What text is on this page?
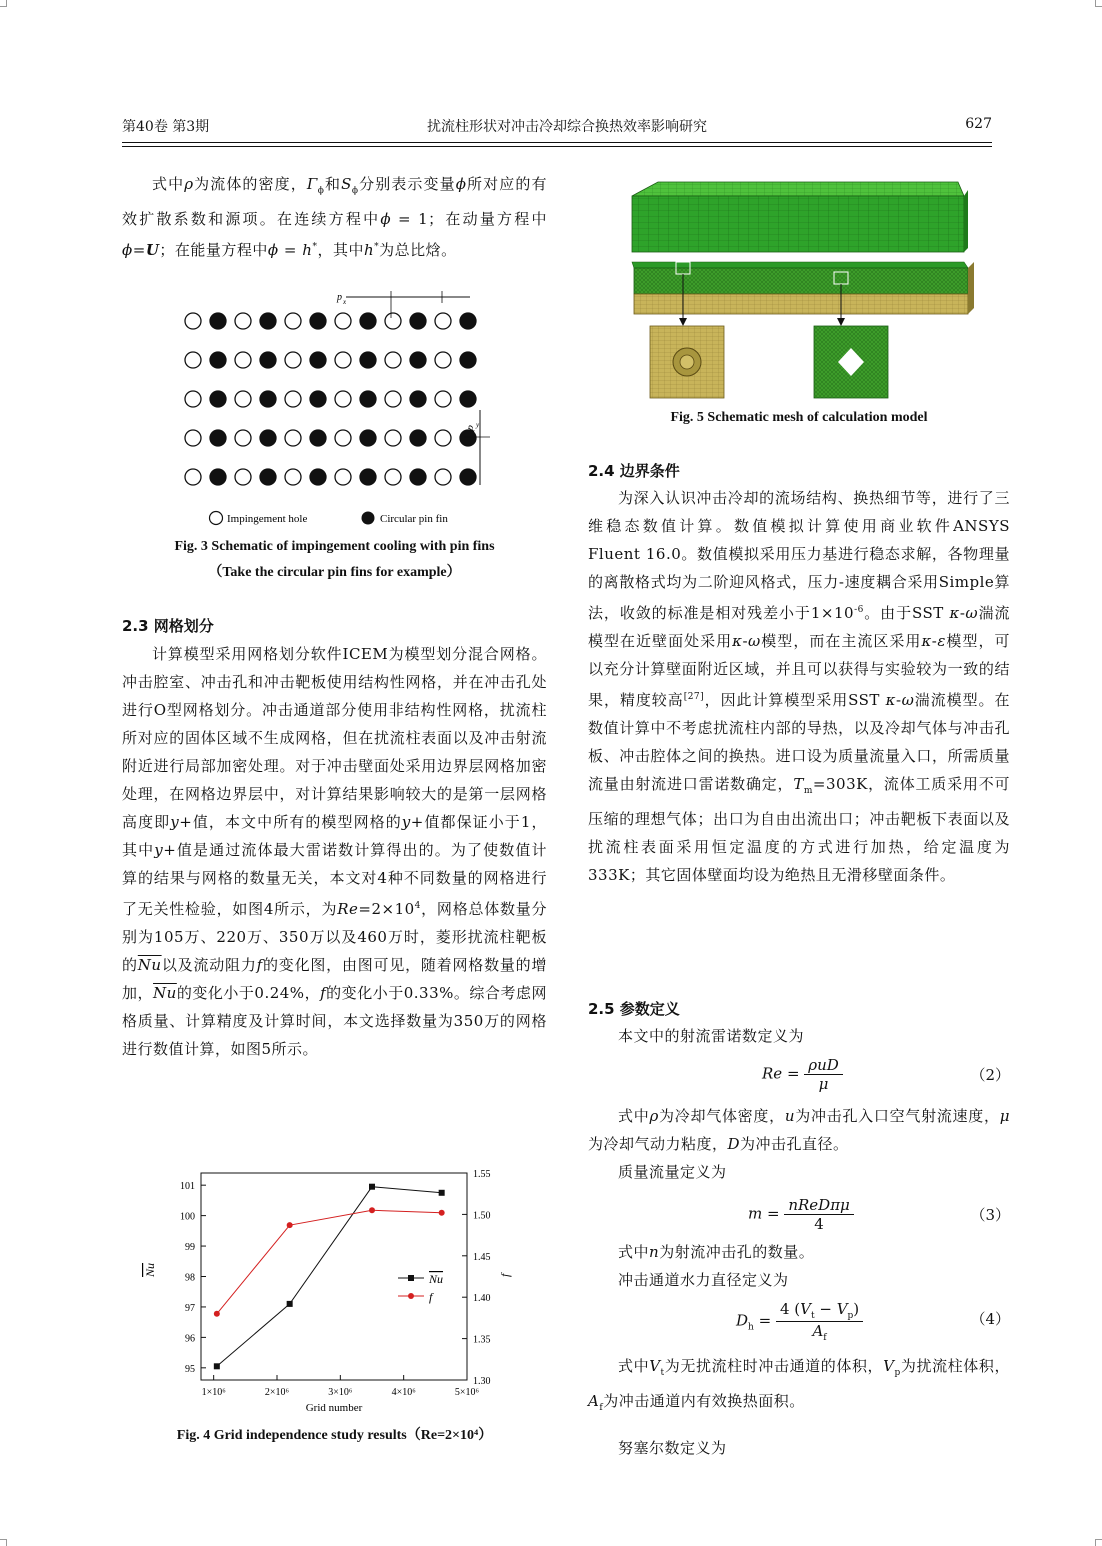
第40卷 第3期	扰流柱形状对冲击冷却综合换热效率影响研究	627

式中ρ为流体的密度，$\Gamma_\phi$和$S_\phi$分别表示变量ϕ所对应的有效扩散系数和源项。在连续方程中ϕ = 1；在动量方程中ϕ=U；在能量方程中ϕ = h*，其中h*为总比焓。

p x
p y
Impingement hole	Circular pin fin
Fig. 3 Schematic of impingement cooling with pin fins
（Take the circular pin fins for example）
2.3 网格划分

计算模型采用网格划分软件ICEM为模型划分混合网格。冲击腔室、冲击孔和冲击靶板使用结构性网格，并在冲击孔处进行O型网格划分。冲击通道部分使用非结构性网格，扰流柱所对应的固体区域不生成网格，但在扰流柱表面以及冲击射流附近进行局部加密处理。对于冲击壁面处采用边界层网格加密处理，在网格边界层中，对计算结果影响较大的是第一层网格高度即y+值，本文中所有的模型网格的y+值都保证小于1，其中y+值是通过流体最大雷诺数计算得出的。为了使数值计算的结果与网格的数量无关，本文对4种不同数量的网格进行了无关性检验，如图4所示，为$Re=2\times 10^4$，网格总体数量分别为105万、220万、350万以及460万时，菱形扰流柱靶板的$\overline{Nu}$以及流动阻力f的变化图，由图可见，随着网格数量的增加，$\overline{Nu}$的变化小于0.24%，f的变化小于0.33%。综合考虑网格质量、计算精度及计算时间，本文选择数量为350万的网格进行数值计算，如图5所示。

1×10⁶	2×10⁶	3×10⁶	4×10⁶	5×10⁶
95
96
97
98
99
100
101
1.30
1.35
1.40
1.45
1.50
1.55
Nu
f
Nu	f
Grid number
Fig. 4 Grid independence study results（Re=2×10⁴）
Fig. 5 Schematic mesh of calculation model
2.4 边界条件

为深入认识冲击冷却的流场结构、换热细节等，进行了三维稳态数值计算。数值模拟计算使用商业软件ANSYS Fluent 16.0。数值模拟采用压力基进行稳态求解，各物理量的离散格式均为二阶迎风格式，压力-速度耦合采用Simple算法，收敛的标准是相对残差小于$1\times 10^{-6}$。由于SST κ-ω湍流模型在近壁面处采用κ-ω模型，而在主流区采用κ-ε模型，可以充分计算壁面附近区域，并且可以获得与实验较为一致的结果，精度较高[27]，因此计算模型采用SST κ-ω湍流模型。在数值计算中不考虑扰流柱内部的导热，以及冷却气体与冲击孔板、冲击腔体之间的换热。进口设为质量流量入口，所需质量流量由射流进口雷诺数确定，$T_m=303K$，流体工质采用不可压缩的理想气体；出口为自由出流出口；冲击靶板下表面以及扰流柱表面采用恒定温度的方式进行加热，给定温度为333K；其它固体壁面均设为绝热且无滑移壁面条件。

2.5 参数定义

本文中的射流雷诺数定义为

$Re = \frac{\text{ρuD}}{\mu}$	（2）

式中ρ为冷却气体密度，u为冲击孔入口空气射流速度，μ为冷却气动力粘度，D为冲击孔直径。

质量流量定义为

$m = \frac{\text{nReDπμ}}{4}$	（3）

式中n为射流冲击孔的数量。

冲击通道水力直径定义为

$D_h = \frac{4 (V_t - V_p)}{A_f}$	（4）

式中$V_t$为无扰流柱时冲击通道的体积，$V_p$为扰流柱体积，$A_f$为冲击通道内有效换热面积。

努塞尔数定义为
